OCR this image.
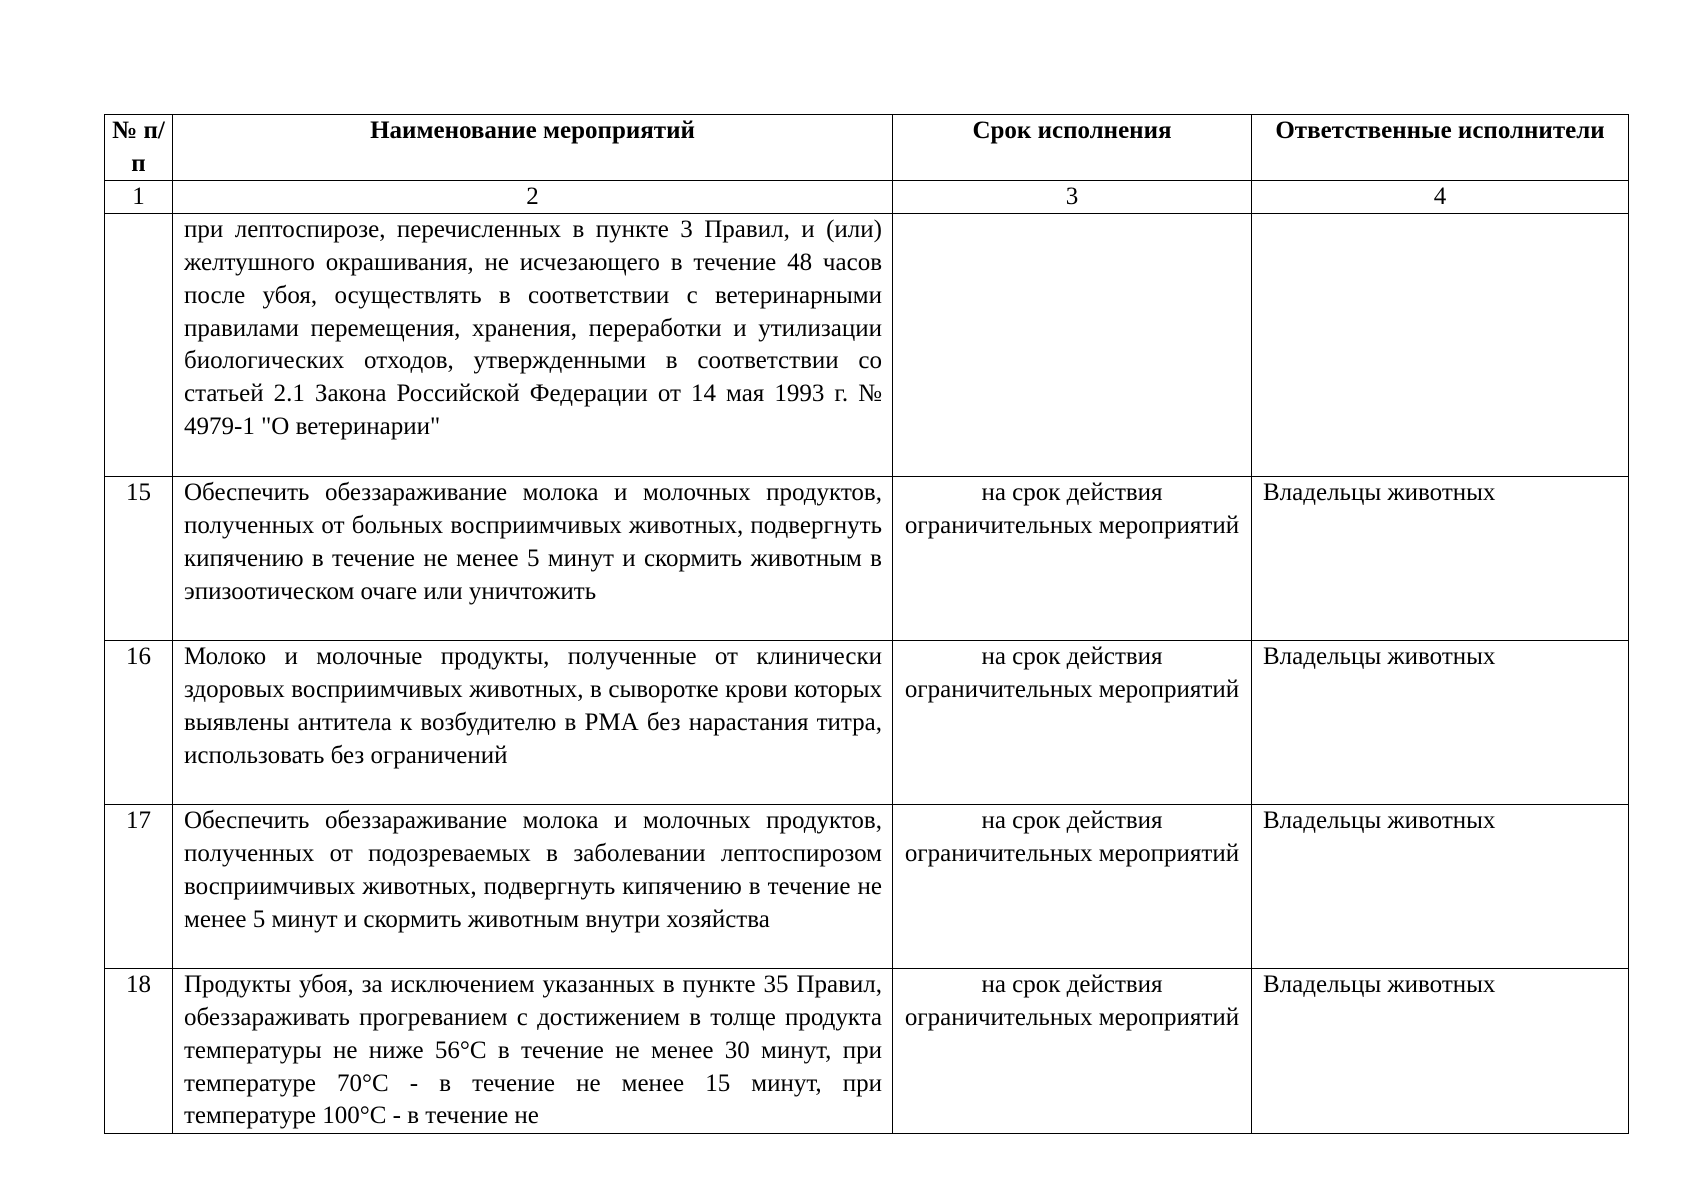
№ п/п	Наименование мероприятий	Срок исполнения	Ответственные исполнители
1	2	3	4
	при лептоспирозе, перечисленных в пункте 3 Правил, и (или) желтушного окрашивания, не исчезающего в течение 48 часов после убоя, осуществлять в соответствии с ветеринарными правилами перемещения, хранения, переработки и утилизации биологических отходов, утвержденными в соответствии со статьей 2.1 Закона Российской Федерации от 14 мая 1993 г. № 4979-1 "О ветеринарии"		
15	Обеспечить обеззараживание молока и молочных продуктов, полученных от больных восприимчивых животных, подвергнуть кипячению в течение не менее 5 минут и скормить животным в эпизоотическом очаге или уничтожить	на срок действия ограничительных мероприятий	Владельцы животных
16	Молоко и молочные продукты, полученные от клинически здоровых восприимчивых животных, в сыворотке крови которых выявлены антитела к возбудителю в РМА без нарастания титра, использовать без ограничений	на срок действия ограничительных мероприятий	Владельцы животных
17	Обеспечить обеззараживание молока и молочных продуктов, полученных от подозреваемых в заболевании лептоспирозом восприимчивых животных, подвергнуть кипячению в течение не менее 5 минут и скормить животным внутри хозяйства	на срок действия ограничительных мероприятий	Владельцы животных
18	Продукты убоя, за исключением указанных в пункте 35 Правил, обеззараживать прогреванием с достижением в толще продукта температуры не ниже 56°С в течение не менее 30 минут, при температуре 70°С - в течение не менее 15 минут, при температуре 100°С - в течение не	на срок действия ограничительных мероприятий	Владельцы животных
